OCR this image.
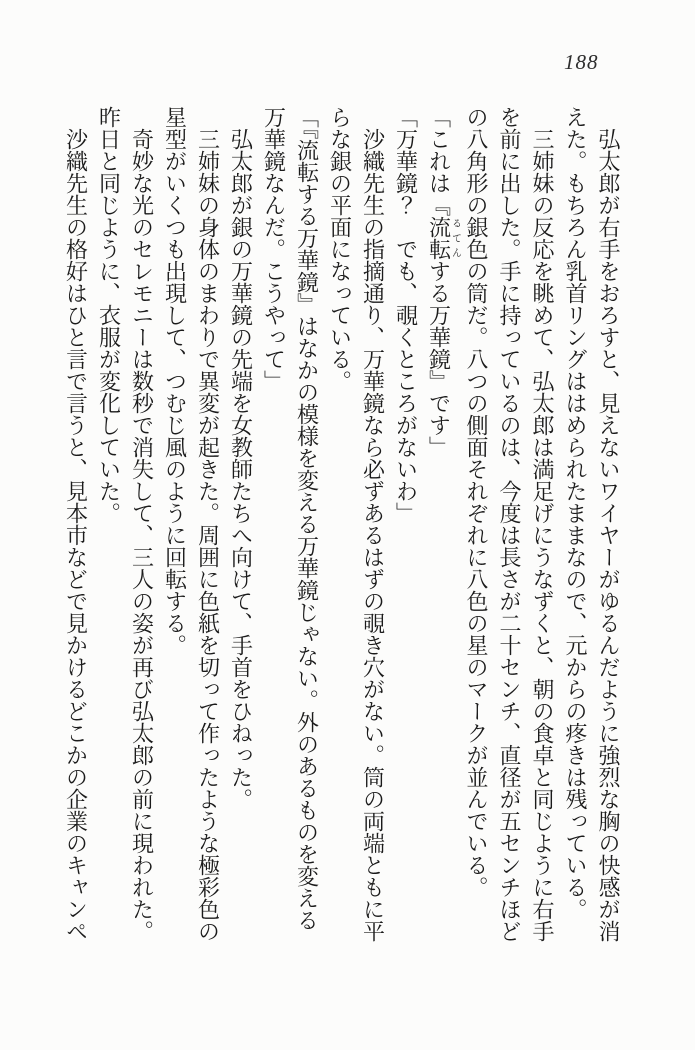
188
　弘太郎が右手をおろすと、見えないワイヤーがゆるんだように強烈な胸の快感が消
えた。もちろん乳首リングははめられたままなので、元からの疼きは残っている。
　三姉妹の反応を眺めて、弘太郎は満足げにうなずくと、朝の食卓と同じように右手
を前に出した。手に持っているのは、今度は長さが二十センチ、直径が五センチほど
の八角形の銀色の筒だ。八つの側面それぞれに八色の星のマークが並んでいる。
「これは『流転るてんする万華鏡』です」
「万華鏡？　でも、覗くところがないわ」
　沙織先生の指摘通り、万華鏡なら必ずあるはずの覗き穴がない。筒の両端ともに平
らな銀の平面になっている。
「『流転する万華鏡』はなかの模様を変える万華鏡じゃない。外のあるものを変える
万華鏡なんだ。こうやって」
　弘太郎が銀の万華鏡の先端を女教師たちへ向けて、手首をひねった。
　三姉妹の身体のまわりで異変が起きた。周囲に色紙を切って作ったような極彩色の
星型がいくつも出現して、つむじ風のように回転する。
　奇妙な光のセレモニーは数秒で消失して、三人の姿が再び弘太郎の前に現われた。
昨日と同じように、衣服が変化していた。
　沙織先生の格好はひと言で言うと、見本市などで見かけるどこかの企業のキャンペ
